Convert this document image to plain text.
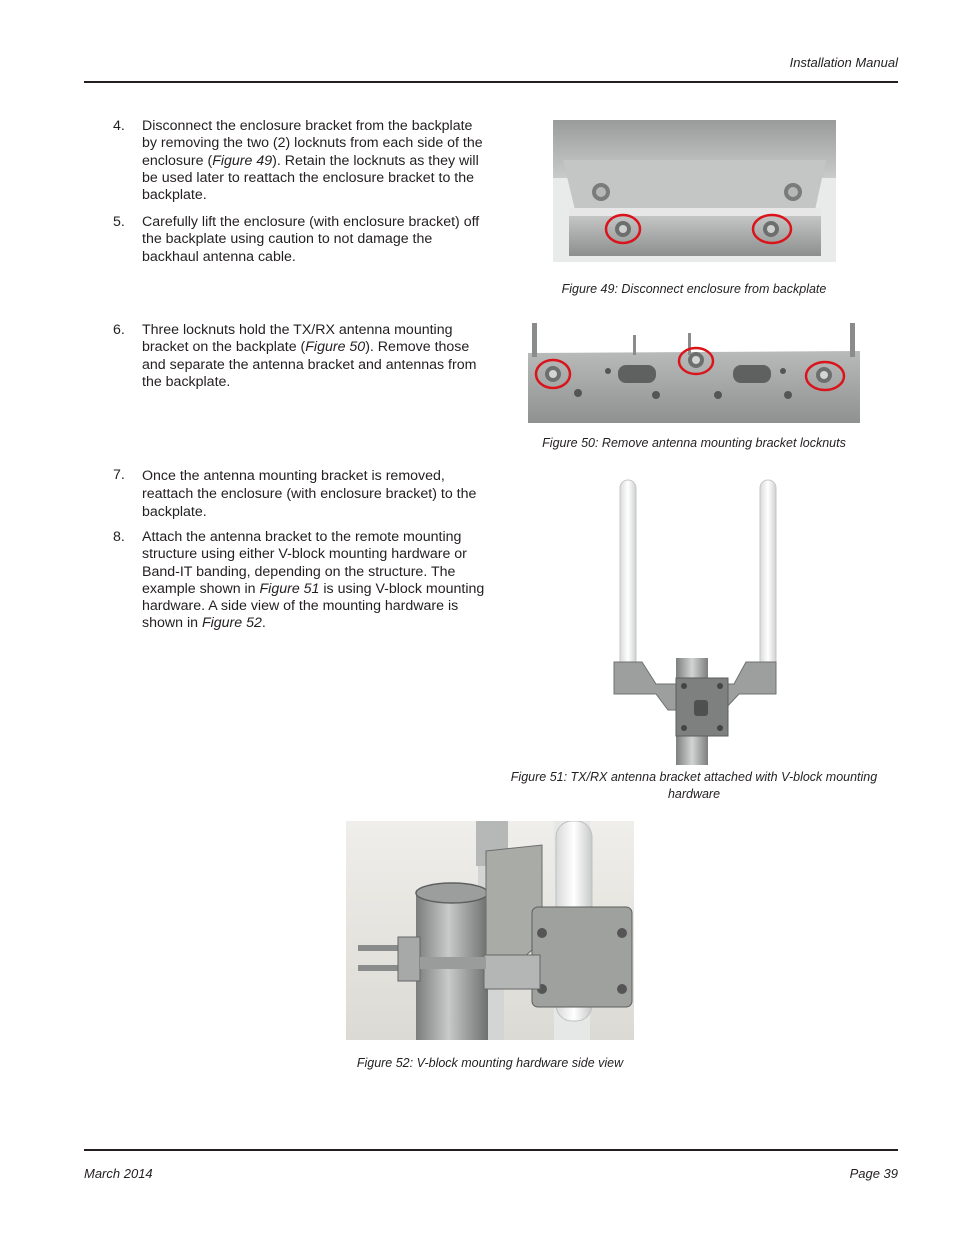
Installation Manual
4.	Disconnect the enclosure bracket from the backplate by removing the two (2) locknuts from each side of the enclosure (Figure 49). Retain the locknuts as they will be used later to reattach the enclosure bracket to the backplate.
5.	Carefully lift the enclosure (with enclosure bracket) off the backplate using caution to not damage the backhaul antenna cable.
6.	Three locknuts hold the TX/RX antenna mounting bracket on the backplate (Figure 50). Remove those and separate the antenna bracket and antennas from the backplate.
7.	Once the antenna mounting bracket is removed, reattach the enclosure (with enclosure bracket) to the backplate.
8.	Attach the antenna bracket to the remote mounting structure using either V-block mounting hardware or Band-IT banding, depending on the structure. The example shown in Figure 51 is using V-block mounting hardware. A side view of the mounting hardware is shown in Figure 52.
Figure 49: Disconnect enclosure from backplate
Figure 50: Remove antenna mounting bracket locknuts
Figure 51: TX/RX antenna bracket attached with V-block mounting
hardware
Figure 52: V-block mounting hardware side view
March 2014	Page 39
